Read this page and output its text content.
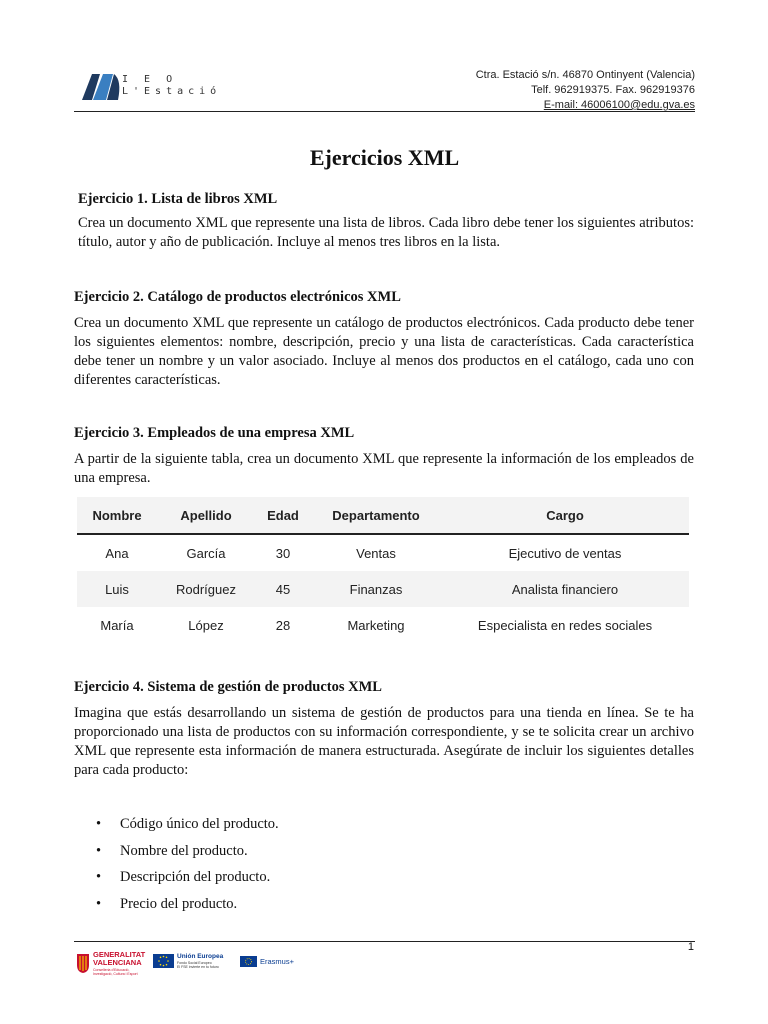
I E O
L'Estació
Ctra. Estació s/n. 46870 Ontinyent (Valencia)
Telf. 962919375. Fax. 962919376
E-mail: 46006100@edu.gva.es
Ejercicios XML

Ejercicio 1. Lista de libros XML

Crea un documento XML que represente una lista de libros. Cada libro debe tener los siguientes atributos: título, autor y año de publicación. Incluye al menos tres libros en la lista.

Ejercicio 2. Catálogo de productos electrónicos XML

Crea un documento XML que represente un catálogo de productos electrónicos. Cada producto debe tener los siguientes elementos: nombre, descripción, precio y una lista de características. Cada característica debe tener un nombre y un valor asociado. Incluye al menos dos productos en el catálogo, cada uno con diferentes características.

Ejercicio 3. Empleados de una empresa XML

A partir de la siguiente tabla, crea un documento XML que represente la información de los empleados de una empresa.

Nombre	Apellido	Edad	Departamento	Cargo
Ana	García	30	Ventas	Ejecutivo de ventas
Luis	Rodríguez	45	Finanzas	Analista financiero
María	López	28	Marketing	Especialista en redes sociales

Ejercicio 4. Sistema de gestión de productos XML

Imagina que estás desarrollando un sistema de gestión de productos para una tienda en línea. Se te ha proporcionado una lista de productos con su información correspondiente, y se te solicita crear un archivo XML que represente esta información de manera estructurada. Asegúrate de incluir los siguientes detalles para cada producto:

• Código único del producto.
• Nombre del producto.
• Descripción del producto.
• Precio del producto.
1
GENERALITAT
VALENCIANA
Conselleria d'Educació,
Investigació, Cultura i Esport
Unión Europea
Fondo Social Europeo
El FSE invierte en tu futuro
Erasmus+
